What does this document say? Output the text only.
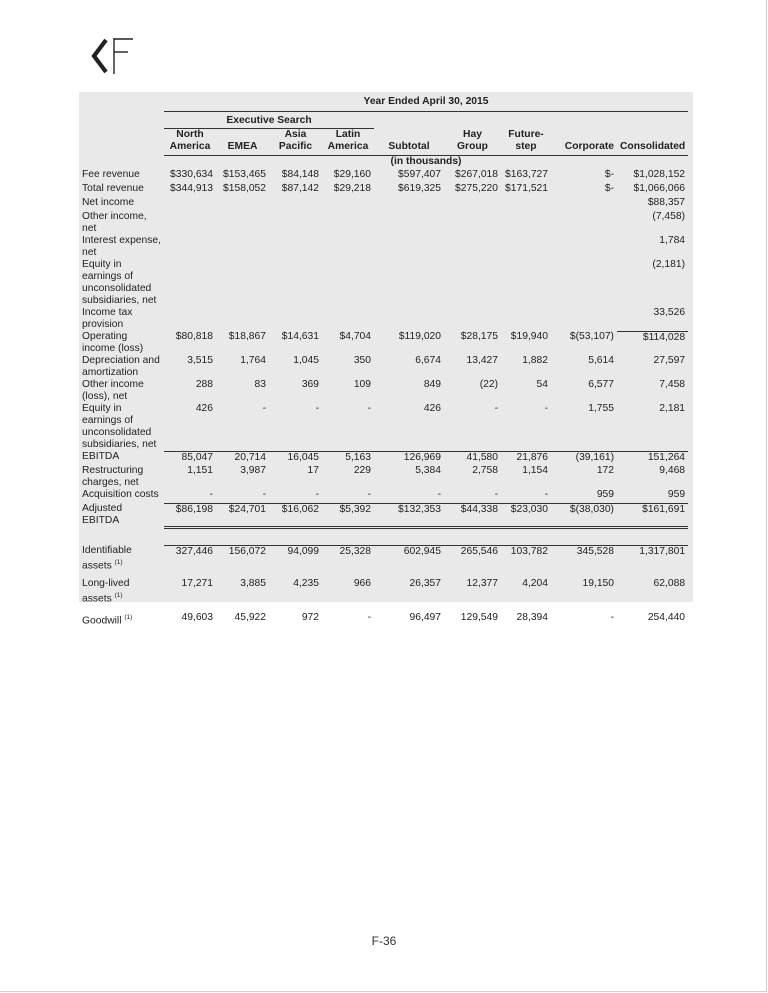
	Year Ended April 30, 2015								
	Executive Search								
	North		Asia	Latin		Hay	Future-		
	America	EMEA	Pacific	America	Subtotal	Group	step	Corporate	Consolidated
	(in thousands)								
Fee revenue	$330,634	$153,465	$84,148	$29,160	$597,407	$267,018	$163,727	$-	$1,028,152
Total revenue	$344,913	$158,052	$87,142	$29,218	$619,325	$275,220	$171,521	$-	$1,066,066
Net income									$88,357
Other income, net									(7,458)
Interest expense, net									1,784
Equity in earnings of unconsolidated subsidiaries, net									(2,181)
Income tax provision									33,526
Operating income (loss)	$80,818	$18,867	$14,631	$4,704	$119,020	$28,175	$19,940	$(53,107)	$114,028
Depreciation and amortization	3,515	1,764	1,045	350	6,674	13,427	1,882	5,614	27,597
Other income (loss), net	288	83	369	109	849	(22)	54	6,577	7,458
Equity in earnings of unconsolidated subsidiaries, net	426	-	-	-	426	-	-	1,755	2,181
EBITDA	85,047	20,714	16,045	5,163	126,969	41,580	21,876	(39,161)	151,264
Restructuring charges, net	1,151	3,987	17	229	5,384	2,758	1,154	172	9,468
Acquisition costs	-	-	-	-	-	-	-	959	959
Adjusted EBITDA	$86,198	$24,701	$16,062	$5,392	$132,353	$44,338	$23,030	$(38,030)	$161,691

Identifiable assets $^{(1)}$	327,446	156,072	94,099	25,328	602,945	265,546	103,782	345,528	1,317,801

Long-lived assets $^{(1)}$	17,271	3,885	4,235	966	26,357	12,377	4,204	19,150	62,088

Goodwill $^{(1)}$	49,603	45,922	972	-	96,497	129,549	28,394	-	254,440
F-36
